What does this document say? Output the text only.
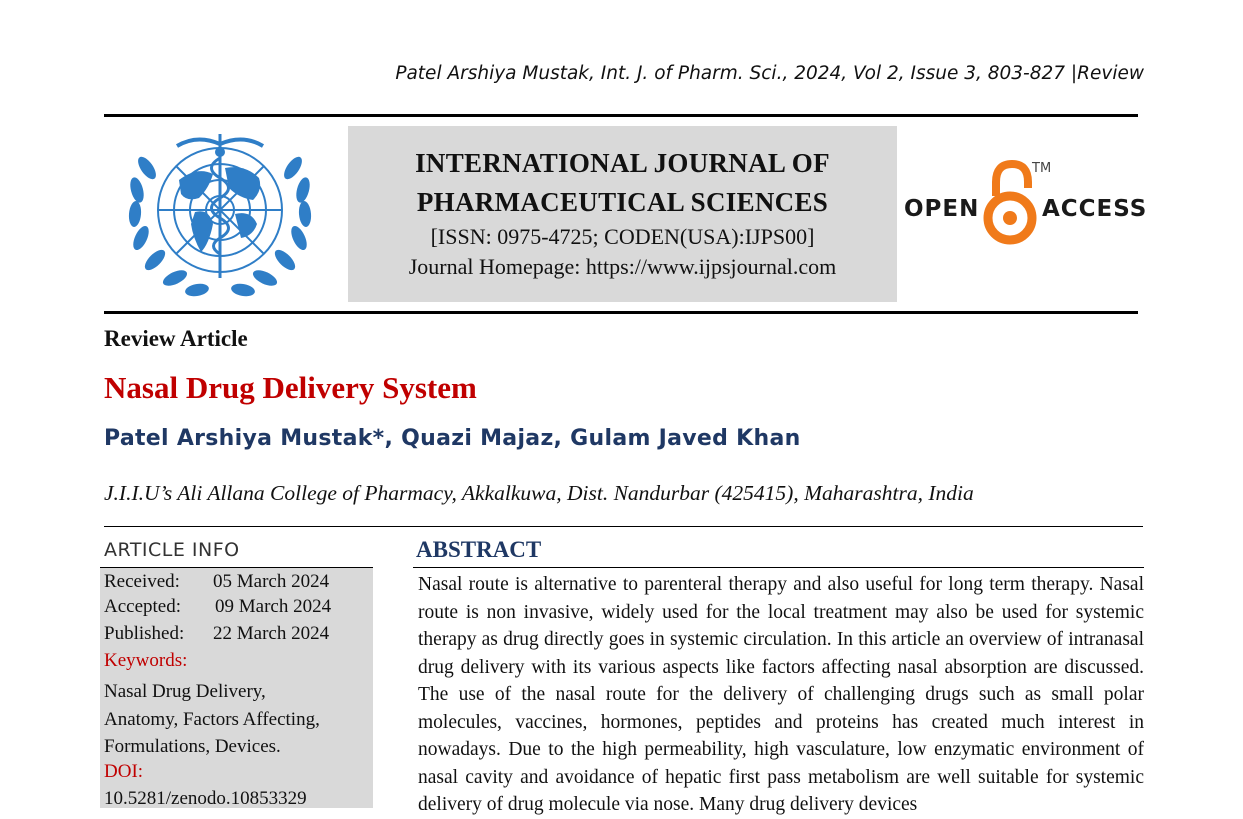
Patel Arshiya Mustak, Int. J. of Pharm. Sci., 2024, Vol 2, Issue 3, 803-827 |Review
INTERNATIONAL JOURNAL OF
PHARMACEUTICAL SCIENCES
[ISSN: 0975-4725; CODEN(USA):IJPS00]
Journal Homepage: https://www.ijpsjournal.com
OPEN
TM
ACCESS
Review Article
Nasal Drug Delivery System
Patel Arshiya Mustak*, Quazi Majaz, Gulam Javed Khan
J.I.I.U’s Ali Allana College of Pharmacy, Akkalkuwa, Dist. Nandurbar (425415), Maharashtra, India
ARTICLE INFO
Received: 05 March 2024
Accepted: 09 March 2024
Published: 22 March 2024
Keywords:
Nasal Drug Delivery,
Anatomy, Factors Affecting,
Formulations, Devices.
DOI:
10.5281/zenodo.10853329
ABSTRACT
Nasal route is alternative to parenteral therapy and also useful for long term therapy. Nasal route is non invasive, widely used for the local treatment may also be used for systemic therapy as drug directly goes in systemic circulation. In this article an overview of intranasal drug delivery with its various aspects like factors affecting nasal absorption are discussed. The use of the nasal route for the delivery of challenging drugs such as small polar molecules, vaccines, hormones, peptides and proteins has created much interest in nowadays. Due to the high permeability, high vasculature, low enzymatic environment of nasal cavity and avoidance of hepatic first pass metabolism are well suitable for systemic delivery of drug molecule via nose. Many drug delivery devices
